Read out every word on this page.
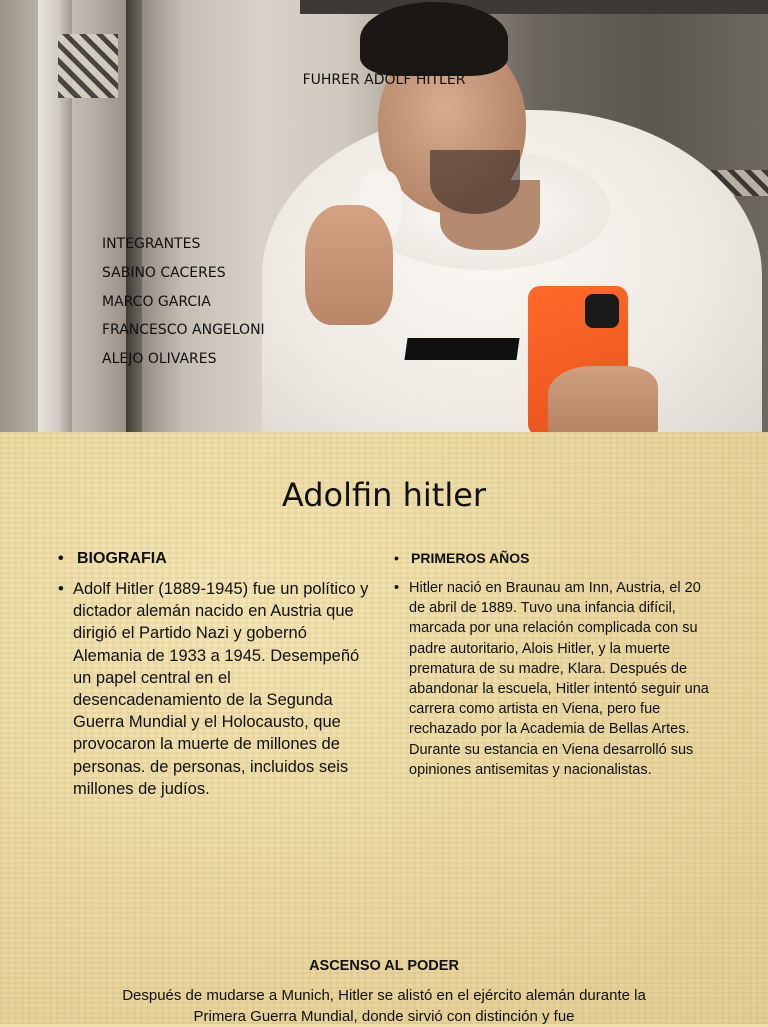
FUHRER ADOLF HITLER
INTEGRANTES
SABINO CACERES
MARCO GARCIA
FRANCESCO ANGELONI
ALEJO OLIVARES
Adolfin hitler
• BIOGRAFIA
• Adolf Hitler (1889-1945) fue un político y dictador alemán nacido en Austria que dirigió el Partido Nazi y gobernó Alemania de 1933 a 1945. Desempeñó un papel central en el desencadenamiento de la Segunda Guerra Mundial y el Holocausto, que provocaron la muerte de millones de personas. de personas, incluidos seis millones de judíos.
• PRIMEROS AÑOS
• Hitler nació en Braunau am Inn, Austria, el 20 de abril de 1889. Tuvo una infancia difícil, marcada por una relación complicada con su padre autoritario, Alois Hitler, y la muerte prematura de su madre, Klara. Después de abandonar la escuela, Hitler intentó seguir una carrera como artista en Viena, pero fue rechazado por la Academia de Bellas Artes. Durante su estancia en Viena desarrolló sus opiniones antisemitas y nacionalistas.
ASCENSO AL PODER
Después de mudarse a Munich, Hitler se alistó en el ejército alemán durante la Primera Guerra Mundial, donde sirvió con distinción y fue
